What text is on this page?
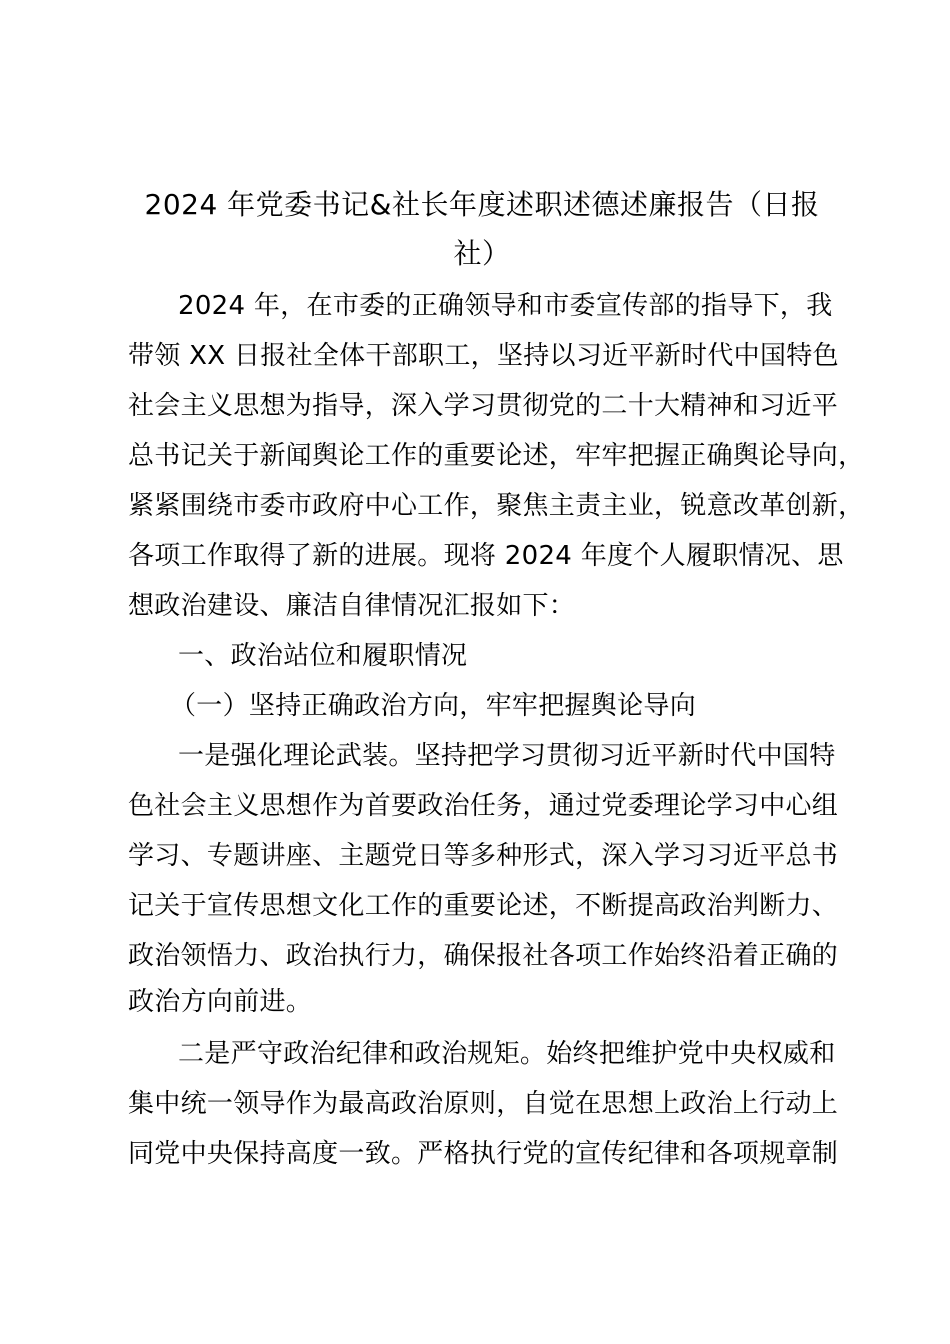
2024 年党委书记&社长年度述职述德述廉报告（日报
社）
2024 年，在市委的正确领导和市委宣传部的指导下，我
带领 XX 日报社全体干部职工，坚持以习近平新时代中国特色
社会主义思想为指导，深入学习贯彻党的二十大精神和习近平
总书记关于新闻舆论工作的重要论述，牢牢把握正确舆论导向，
紧紧围绕市委市政府中心工作，聚焦主责主业，锐意改革创新，
各项工作取得了新的进展。现将 2024 年度个人履职情况、思
想政治建设、廉洁自律情况汇报如下：
一、政治站位和履职情况
（一）坚持正确政治方向，牢牢把握舆论导向
一是强化理论武装。坚持把学习贯彻习近平新时代中国特
色社会主义思想作为首要政治任务，通过党委理论学习中心组
学习、专题讲座、主题党日等多种形式，深入学习习近平总书
记关于宣传思想文化工作的重要论述，不断提高政治判断力、
政治领悟力、政治执行力，确保报社各项工作始终沿着正确的
政治方向前进。
二是严守政治纪律和政治规矩。始终把维护党中央权威和
集中统一领导作为最高政治原则，自觉在思想上政治上行动上
同党中央保持高度一致。严格执行党的宣传纪律和各项规章制
